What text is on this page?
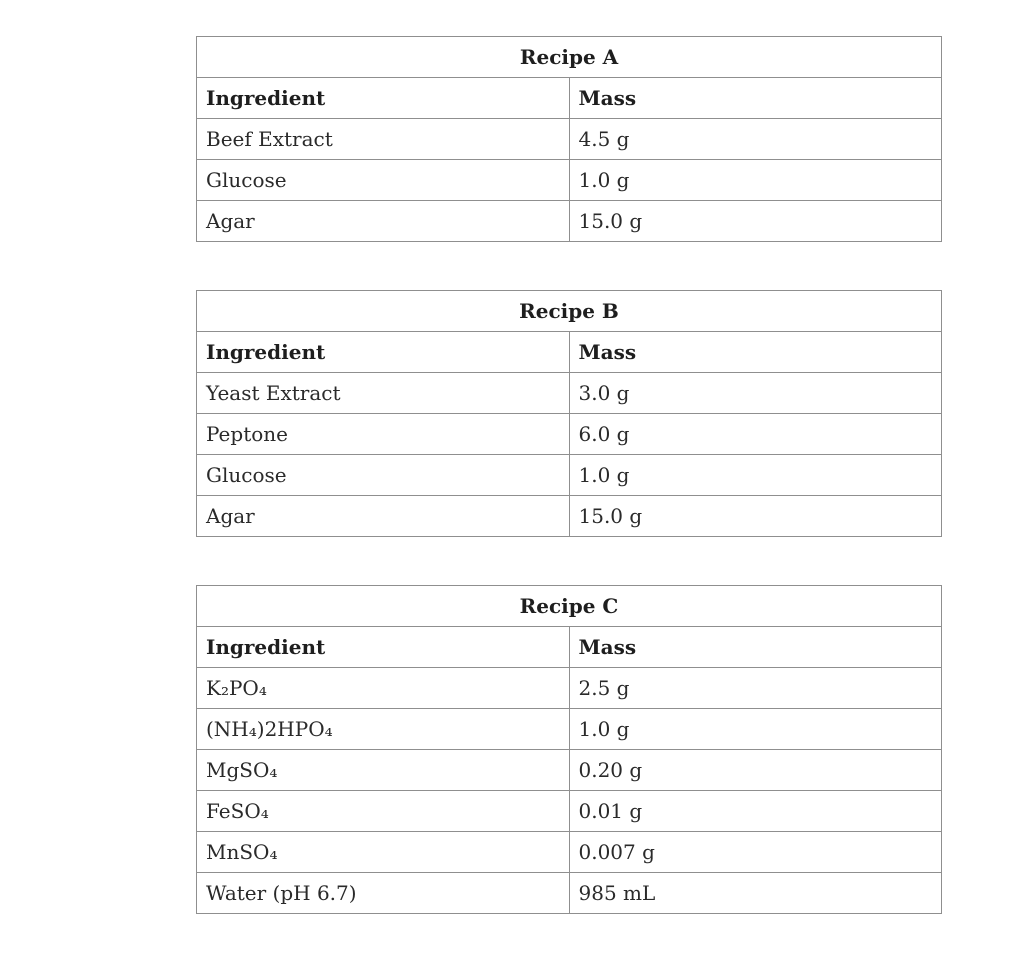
Recipe A	
Ingredient	Mass
Beef Extract	4.5 g
Glucose	1.0 g
Agar	15.0 g
Recipe B	
Ingredient	Mass
Yeast Extract	3.0 g
Peptone	6.0 g
Glucose	1.0 g
Agar	15.0 g
Recipe C	
Ingredient	Mass
K₂PO₄	2.5 g
(NH₄)2HPO₄	1.0 g
MgSO₄	0.20 g
FeSO₄	0.01 g
MnSO₄	0.007 g
Water (pH 6.7)	985 mL
